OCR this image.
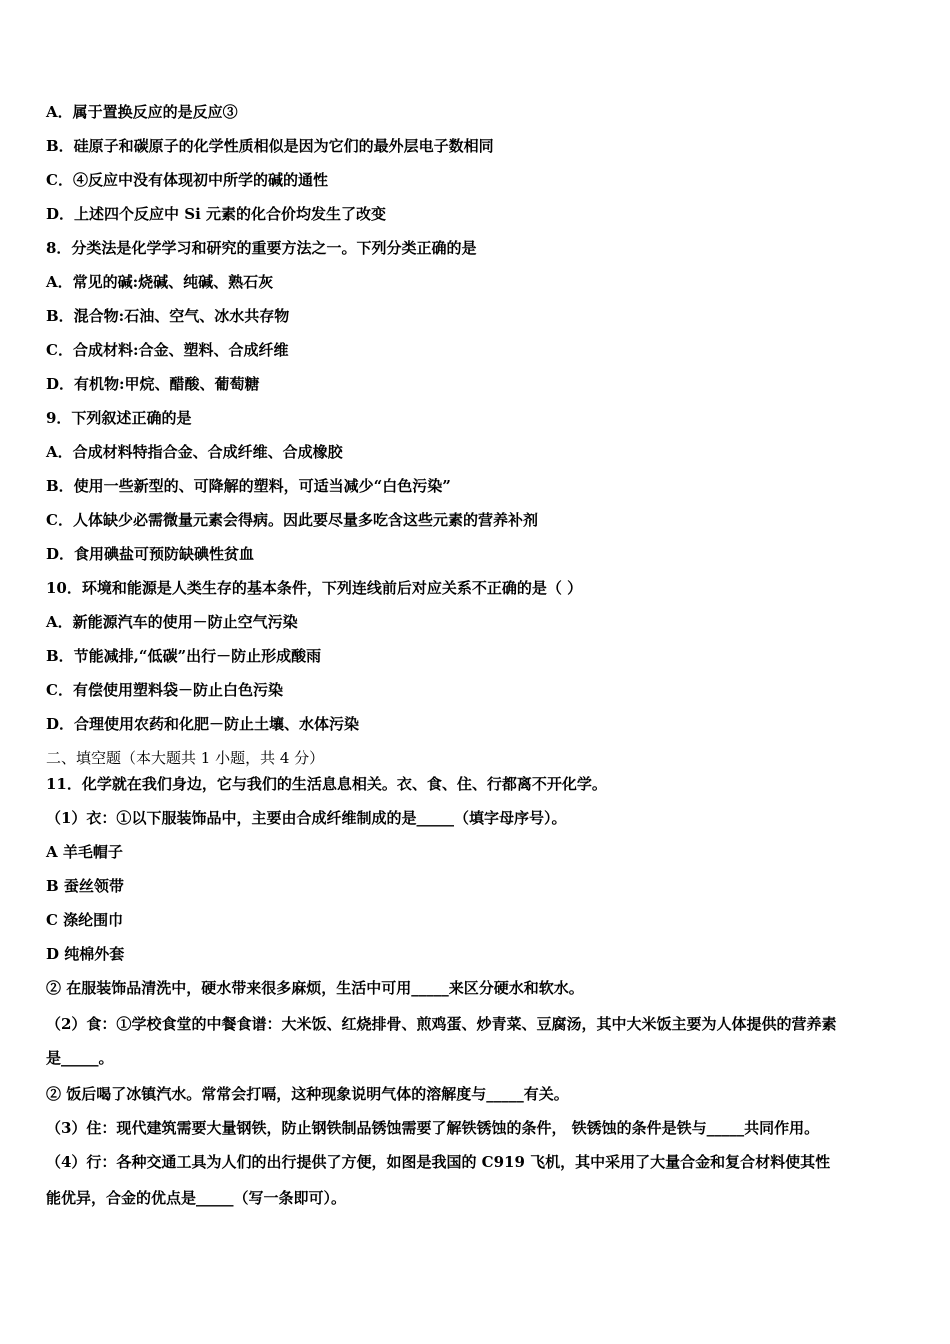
A．属于置换反应的是反应③
B．硅原子和碳原子的化学性质相似是因为它们的最外层电子数相同
C．④反应中没有体现初中所学的碱的通性
D．上述四个反应中 Si 元素的化合价均发生了改变
8．分类法是化学学习和研究的重要方法之一。下列分类正确的是
A．常见的碱:烧碱、纯碱、熟石灰
B．混合物:石油、空气、冰水共存物
C．合成材料:合金、塑料、合成纤维
D．有机物:甲烷、醋酸、葡萄糖
9．下列叙述正确的是
A．合成材料特指合金、合成纤维、合成橡胶
B．使用一些新型的、可降解的塑料，可适当减少“白色污染”
C．人体缺少必需微量元素会得病。因此要尽量多吃含这些元素的营养补剂
D．食用碘盐可预防缺碘性贫血
10．环境和能源是人类生存的基本条件，下列连线前后对应关系不正确的是（ ）
A．新能源汽车的使用－防止空气污染
B．节能减排,“低碳”出行－防止形成酸雨
C．有偿使用塑料袋－防止白色污染
D．合理使用农药和化肥－防止土壤、水体污染
二、填空题（本大题共 1 小题，共 4 分）
11．化学就在我们身边，它与我们的生活息息相关。衣、食、住、行都离不开化学。
（1）衣：①以下服装饰品中，主要由合成纤维制成的是_____（填字母序号）。
A 羊毛帽子
B 蚕丝领带
C 涤纶围巾
D 纯棉外套
② 在服装饰品清洗中，硬水带来很多麻烦，生活中可用_____来区分硬水和软水。
（2）食：①学校食堂的中餐食谱：大米饭、红烧排骨、煎鸡蛋、炒青菜、豆腐汤，其中大米饭主要为人体提供的营养素
是_____。
② 饭后喝了冰镇汽水。常常会打嗝，这种现象说明气体的溶解度与_____有关。
（3）住：现代建筑需要大量钢铁，防止钢铁制品锈蚀需要了解铁锈蚀的条件， 铁锈蚀的条件是铁与_____共同作用。
（4）行：各种交通工具为人们的出行提供了方便，如图是我国的 C919 飞机，其中采用了大量合金和复合材料使其性
能优异，合金的优点是_____（写一条即可）。
